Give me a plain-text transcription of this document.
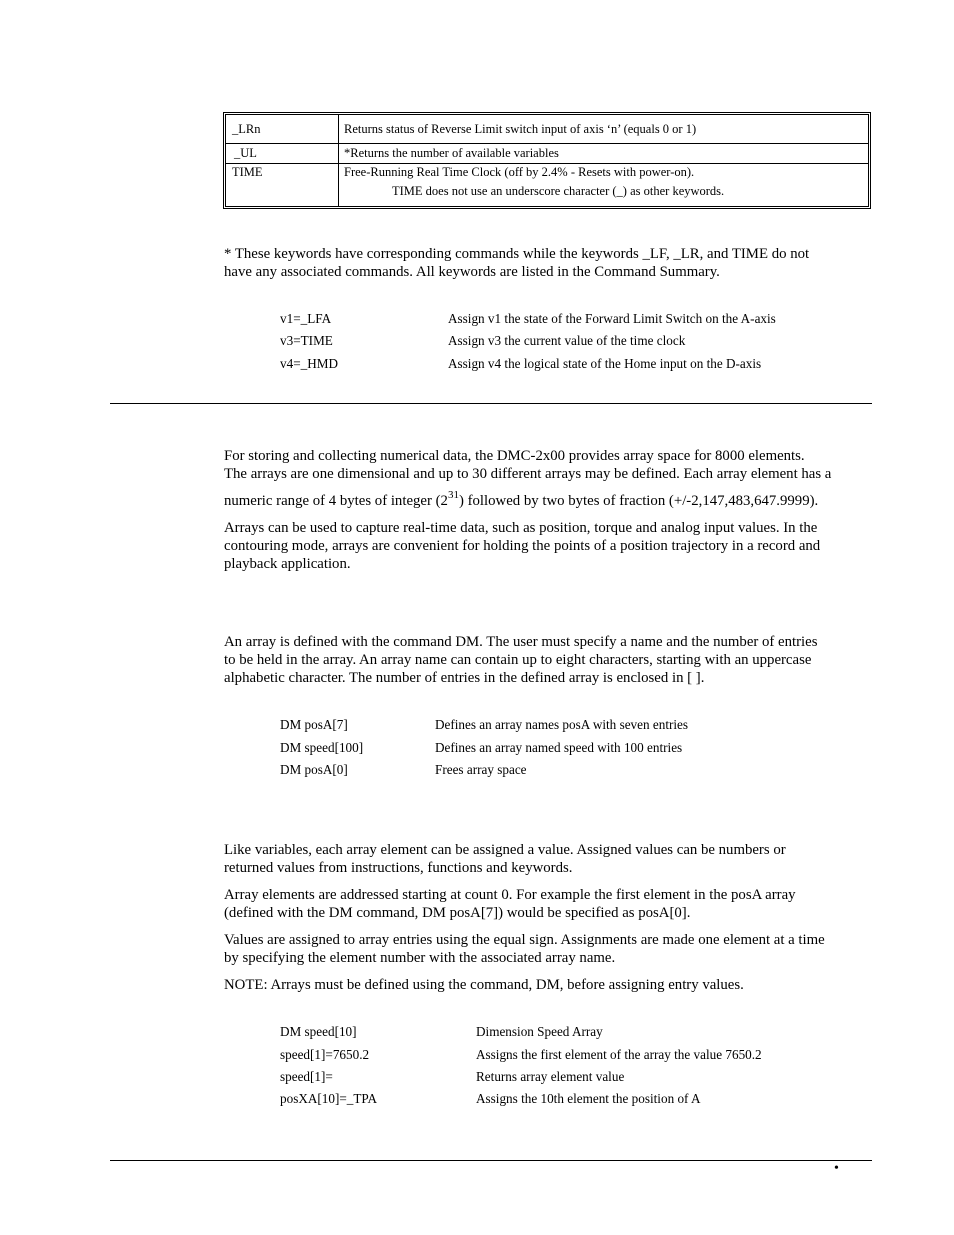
_LRn	Returns status of Reverse Limit switch input of axis ‘n’ (equals 0 or 1)
_UL	*Returns the number of available variables
TIME	Free-Running Real Time Clock (off by 2.4% - Resets with power-on).
TIME does not use an underscore character (_) as other keywords.
* These keywords have corresponding commands while the keywords _LF, _LR, and TIME do not
have any associated commands. All keywords are listed in the Command Summary.
v1=_LFA	Assign v1 the state of the Forward Limit Switch on the A-axis
v3=TIME	Assign v3 the current value of the time clock
v4=_HMD	Assign v4 the logical state of the Home input on the D-axis
For storing and collecting numerical data, the DMC-2x00 provides array space for 8000 elements.
The arrays are one dimensional and up to 30 different arrays may be defined. Each array element has a
numeric range of 4 bytes of integer $(2^{31})$ followed by two bytes of fraction (+/-2,147,483,647.9999).
Arrays can be used to capture real-time data, such as position, torque and analog input values. In the
contouring mode, arrays are convenient for holding the points of a position trajectory in a record and
playback application.
An array is defined with the command DM. The user must specify a name and the number of entries
to be held in the array. An array name can contain up to eight characters, starting with an uppercase
alphabetic character. The number of entries in the defined array is enclosed in [ ].
DM posA[7]	Defines an array names posA with seven entries
DM speed[100]	Defines an array named speed with 100 entries
DM posA[0]	Frees array space
Like variables, each array element can be assigned a value. Assigned values can be numbers or
returned values from instructions, functions and keywords.
Array elements are addressed starting at count 0. For example the first element in the posA array
(defined with the DM command, DM posA[7]) would be specified as posA[0].
Values are assigned to array entries using the equal sign. Assignments are made one element at a time
by specifying the element number with the associated array name.
NOTE: Arrays must be defined using the command, DM, before assigning entry values.
DM speed[10]	Dimension Speed Array
speed[1]=7650.2	Assigns the first element of the array the value 7650.2
speed[1]=	Returns array element value
posXA[10]=_TPA	Assigns the 10th element the position of A
•
